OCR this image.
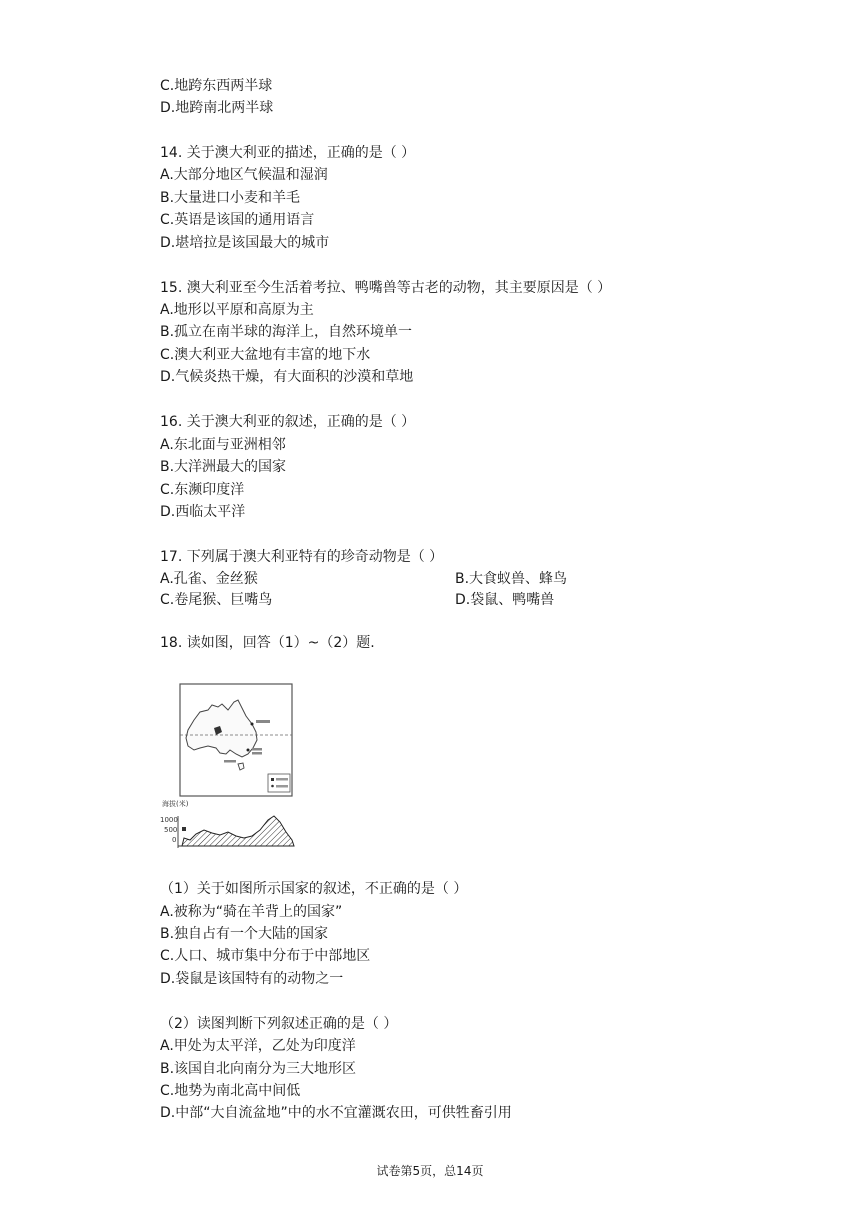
C.地跨东西两半球
D.地跨南北两半球
14. 关于澳大利亚的描述，正确的是（ ）
A.大部分地区气候温和湿润
B.大量进口小麦和羊毛
C.英语是该国的通用语言
D.堪培拉是该国最大的城市
15. 澳大利亚至今生活着考拉、鸭嘴兽等古老的动物，其主要原因是（ ）
A.地形以平原和高原为主
B.孤立在南半球的海洋上，自然环境单一
C.澳大利亚大盆地有丰富的地下水
D.气候炎热干燥，有大面积的沙漠和草地
16. 关于澳大利亚的叙述，正确的是（ ）
A.东北面与亚洲相邻
B.大洋洲最大的国家
C.东濒印度洋
D.西临太平洋
17. 下列属于澳大利亚特有的珍奇动物是（ ）
A.孔雀、金丝猴	B.大食蚁兽、蜂鸟
C.卷尾猴、巨嘴鸟	D.袋鼠、鸭嘴兽
18. 读如图，回答（1）~（2）题.
海拔(米)
1000
500
0
（1）关于如图所示国家的叙述，不正确的是（ ）
A.被称为“骑在羊背上的国家”
B.独自占有一个大陆的国家
C.人口、城市集中分布于中部地区
D.袋鼠是该国特有的动物之一
（2）读图判断下列叙述正确的是（ ）
A.甲处为太平洋，乙处为印度洋
B.该国自北向南分为三大地形区
C.地势为南北高中间低
D.中部“大自流盆地”中的水不宜灌溉农田，可供牲畜引用
试卷第5页，总14页
